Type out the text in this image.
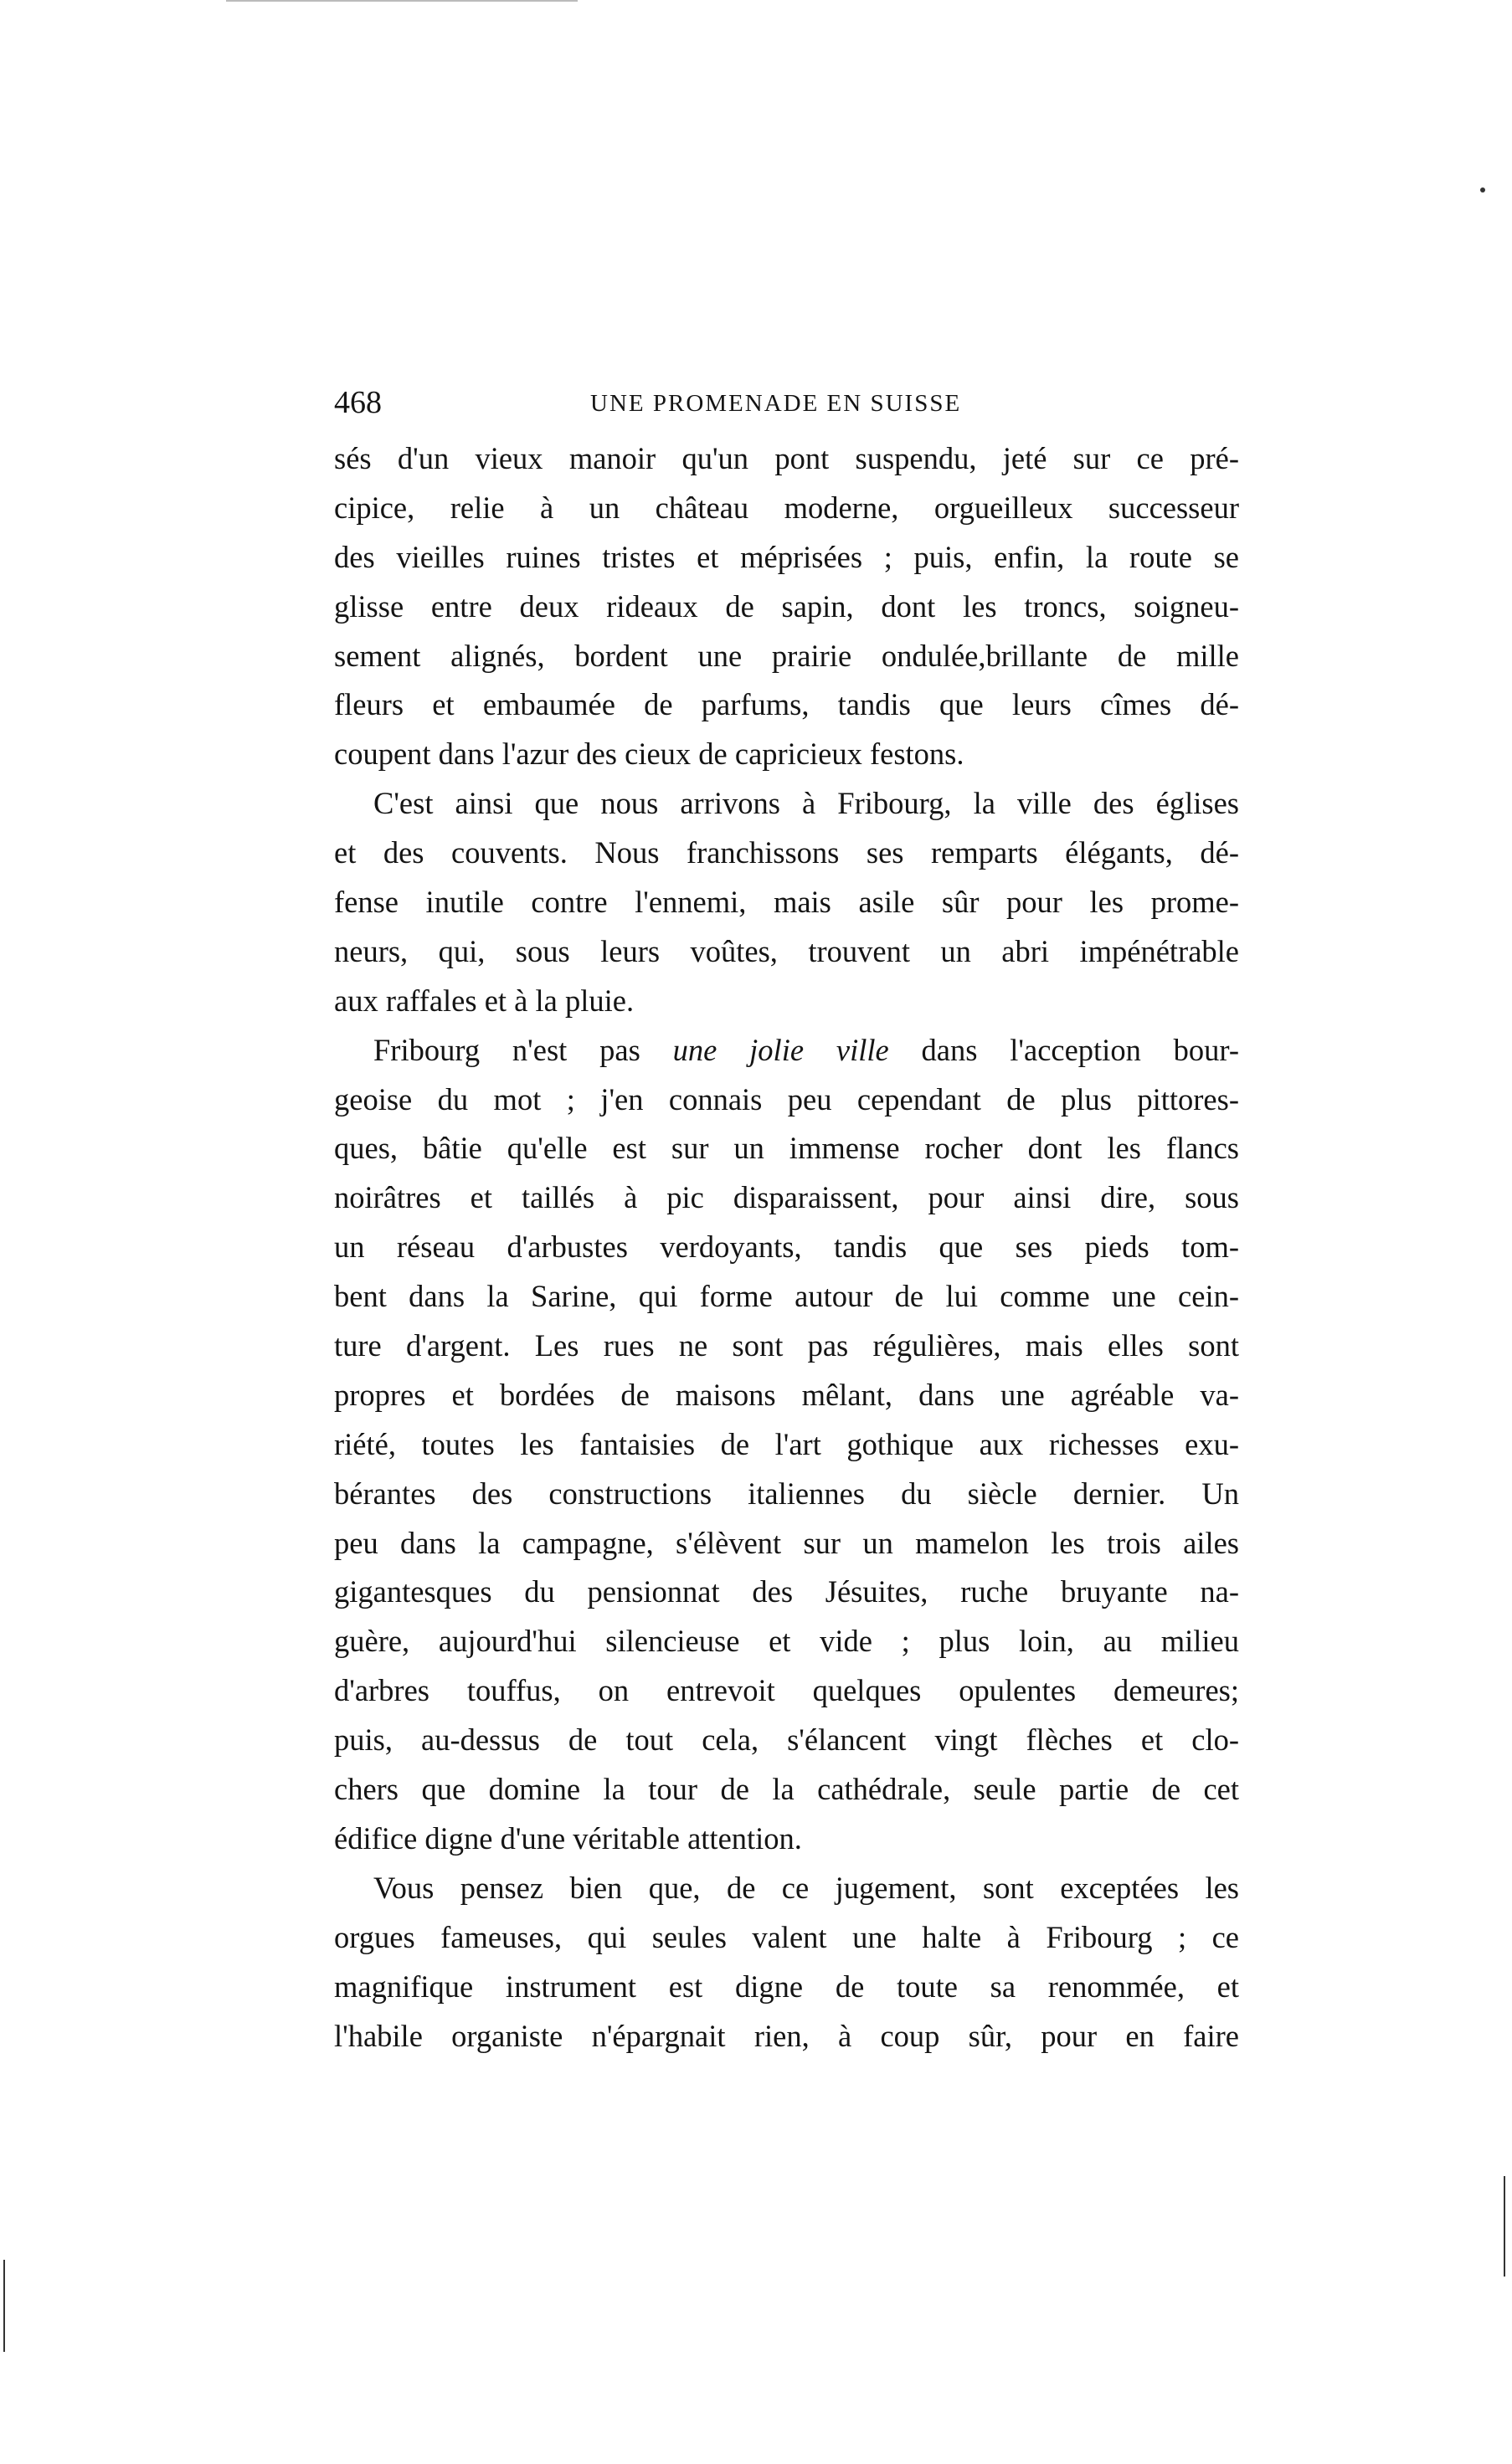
468	UNE PROMENADE EN SUISSE
sés d'un vieux manoir qu'un pont suspendu, jeté sur ce pré-
cipice, relie à un château moderne, orgueilleux successeur
des vieilles ruines tristes et méprisées ; puis, enfin, la route se
glisse entre deux rideaux de sapin, dont les troncs, soigneu-
sement alignés, bordent une prairie ondulée,brillante de mille
fleurs et embaumée de parfums, tandis que leurs cîmes dé-
coupent dans l'azur des cieux de capricieux festons.
C'est ainsi que nous arrivons à Fribourg, la ville des églises
et des couvents. Nous franchissons ses remparts élégants, dé-
fense inutile contre l'ennemi, mais asile sûr pour les prome-
neurs, qui, sous leurs voûtes, trouvent un abri impénétrable
aux raffales et à la pluie.
Fribourg n'est pas une jolie ville dans l'acception bour-
geoise du mot ; j'en connais peu cependant de plus pittores-
ques, bâtie qu'elle est sur un immense rocher dont les flancs
noirâtres et taillés à pic disparaissent, pour ainsi dire, sous
un réseau d'arbustes verdoyants, tandis que ses pieds tom-
bent dans la Sarine, qui forme autour de lui comme une cein-
ture d'argent. Les rues ne sont pas régulières, mais elles sont
propres et bordées de maisons mêlant, dans une agréable va-
riété, toutes les fantaisies de l'art gothique aux richesses exu-
bérantes des constructions italiennes du siècle dernier. Un
peu dans la campagne, s'élèvent sur un mamelon les trois ailes
gigantesques du pensionnat des Jésuites, ruche bruyante na-
guère, aujourd'hui silencieuse et vide ; plus loin, au milieu
d'arbres touffus, on entrevoit quelques opulentes demeures;
puis, au-dessus de tout cela, s'élancent vingt flèches et clo-
chers que domine la tour de la cathédrale, seule partie de cet
édifice digne d'une véritable attention.
Vous pensez bien que, de ce jugement, sont exceptées les
orgues fameuses, qui seules valent une halte à Fribourg ; ce
magnifique instrument est digne de toute sa renommée, et
l'habile organiste n'épargnait rien, à coup sûr, pour en faire
